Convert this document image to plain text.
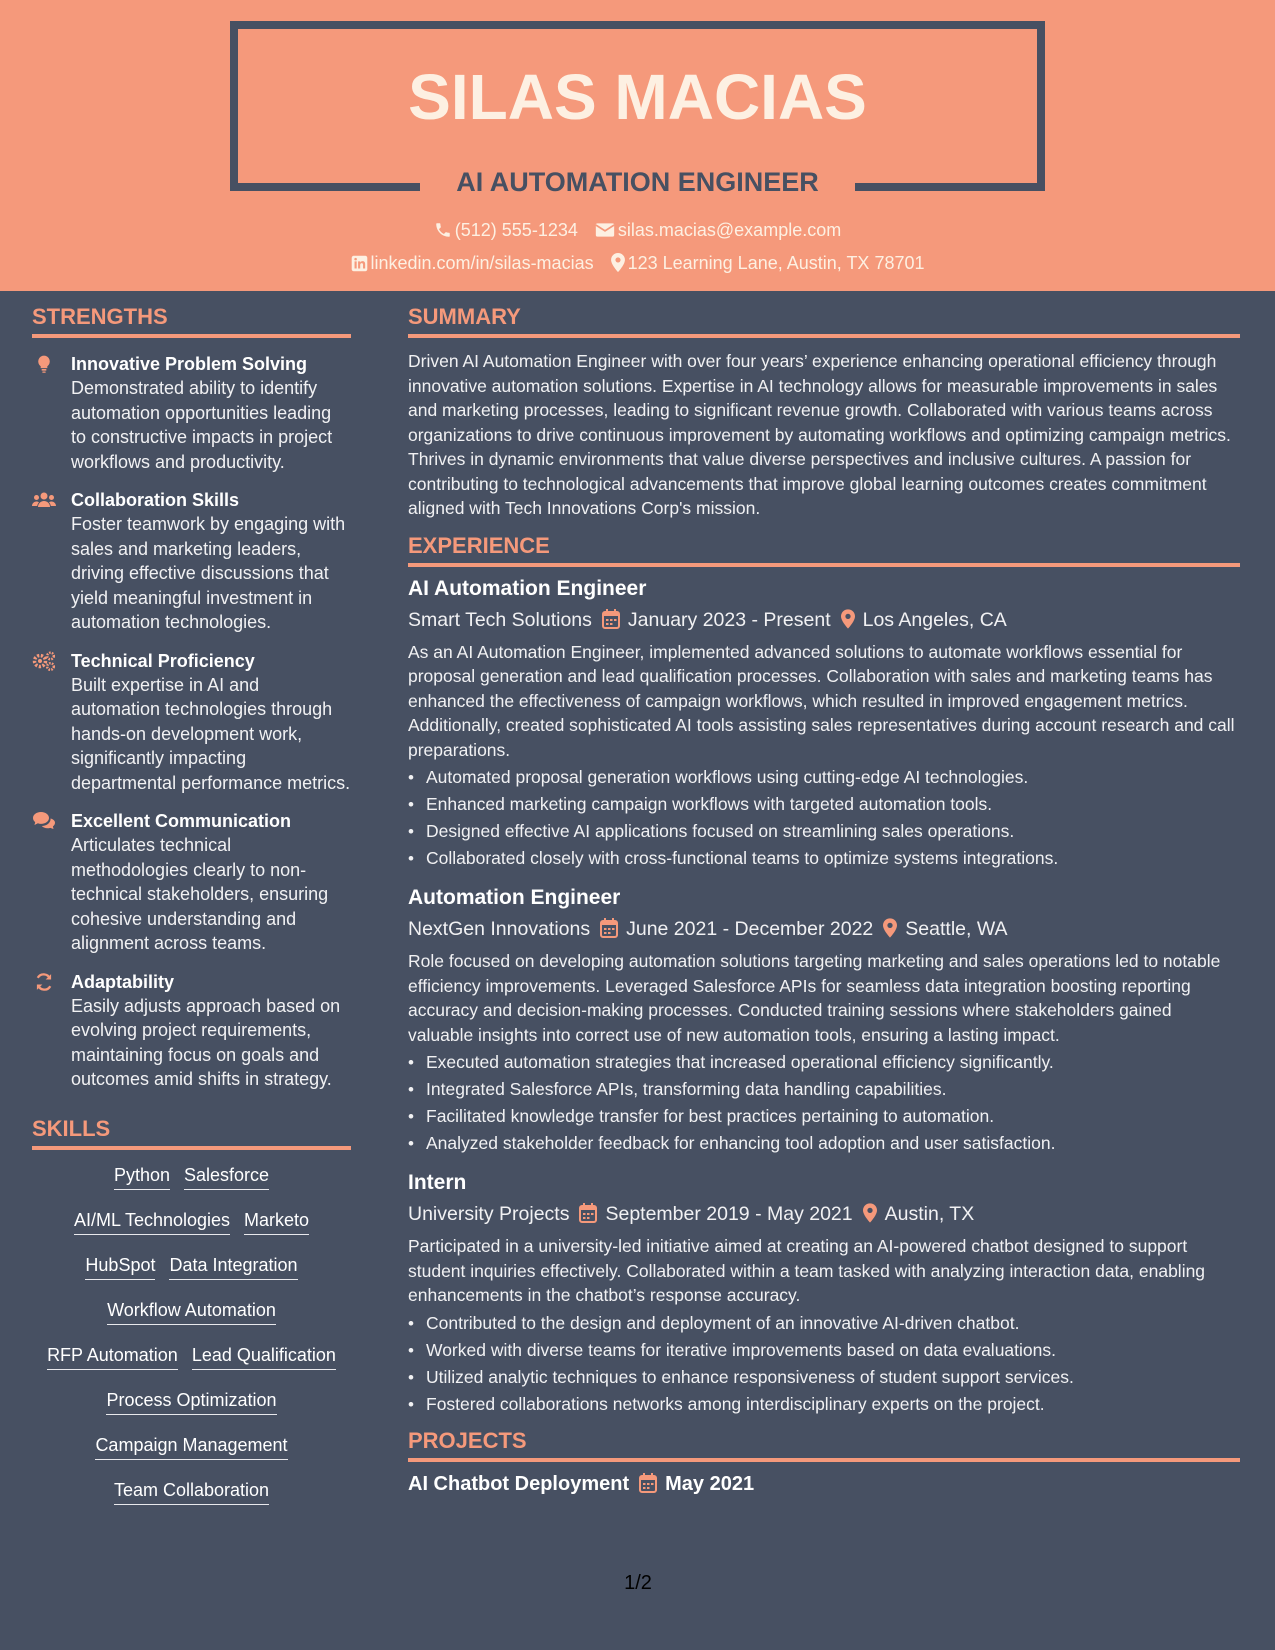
SILAS MACIAS
AI AUTOMATION ENGINEER
(512) 555-1234 silas.macias@example.com
linkedin.com/in/silas-macias 123 Learning Lane, Austin, TX 78701
STRENGTHS
Innovative Problem Solving
Demonstrated ability to identify automation opportunities leading to constructive impacts in project workflows and productivity.
Collaboration Skills
Foster teamwork by engaging with sales and marketing leaders, driving effective discussions that yield meaningful investment in automation technologies.
Technical Proficiency
Built expertise in AI and automation technologies through hands-on development work, significantly impacting departmental performance metrics.
Excellent Communication
Articulates technical methodologies clearly to non-technical stakeholders, ensuring cohesive understanding and alignment across teams.
Adaptability
Easily adjusts approach based on evolving project requirements, maintaining focus on goals and outcomes amid shifts in strategy.
SKILLS
Python Salesforce
AI/ML Technologies Marketo
HubSpot Data Integration
Workflow Automation
RFP Automation Lead Qualification
Process Optimization
Campaign Management
Team Collaboration
SUMMARY
Driven AI Automation Engineer with over four years’ experience enhancing operational efficiency through innovative automation solutions. Expertise in AI technology allows for measurable improvements in sales and marketing processes, leading to significant revenue growth. Collaborated with various teams across organizations to drive continuous improvement by automating workflows and optimizing campaign metrics. Thrives in dynamic environments that value diverse perspectives and inclusive cultures. A passion for contributing to technological advancements that improve global learning outcomes creates commitment aligned with Tech Innovations Corp's mission.
EXPERIENCE
AI Automation Engineer
Smart Tech Solutions January 2023 - Present Los Angeles, CA
As an AI Automation Engineer, implemented advanced solutions to automate workflows essential for proposal generation and lead qualification processes. Collaboration with sales and marketing teams has enhanced the effectiveness of campaign workflows, which resulted in improved engagement metrics. Additionally, created sophisticated AI tools assisting sales representatives during account research and call preparations.
• Automated proposal generation workflows using cutting-edge AI technologies.
• Enhanced marketing campaign workflows with targeted automation tools.
• Designed effective AI applications focused on streamlining sales operations.
• Collaborated closely with cross-functional teams to optimize systems integrations.
Automation Engineer
NextGen Innovations June 2021 - December 2022 Seattle, WA
Role focused on developing automation solutions targeting marketing and sales operations led to notable efficiency improvements. Leveraged Salesforce APIs for seamless data integration boosting reporting accuracy and decision-making processes. Conducted training sessions where stakeholders gained valuable insights into correct use of new automation tools, ensuring a lasting impact.
• Executed automation strategies that increased operational efficiency significantly.
• Integrated Salesforce APIs, transforming data handling capabilities.
• Facilitated knowledge transfer for best practices pertaining to automation.
• Analyzed stakeholder feedback for enhancing tool adoption and user satisfaction.
Intern
University Projects September 2019 - May 2021 Austin, TX
Participated in a university-led initiative aimed at creating an AI-powered chatbot designed to support student inquiries effectively. Collaborated within a team tasked with analyzing interaction data, enabling enhancements in the chatbot’s response accuracy.
• Contributed to the design and deployment of an innovative AI-driven chatbot.
• Worked with diverse teams for iterative improvements based on data evaluations.
• Utilized analytic techniques to enhance responsiveness of student support services.
• Fostered collaborations networks among interdisciplinary experts on the project.
PROJECTS
AI Chatbot Deployment May 2021
1/2
